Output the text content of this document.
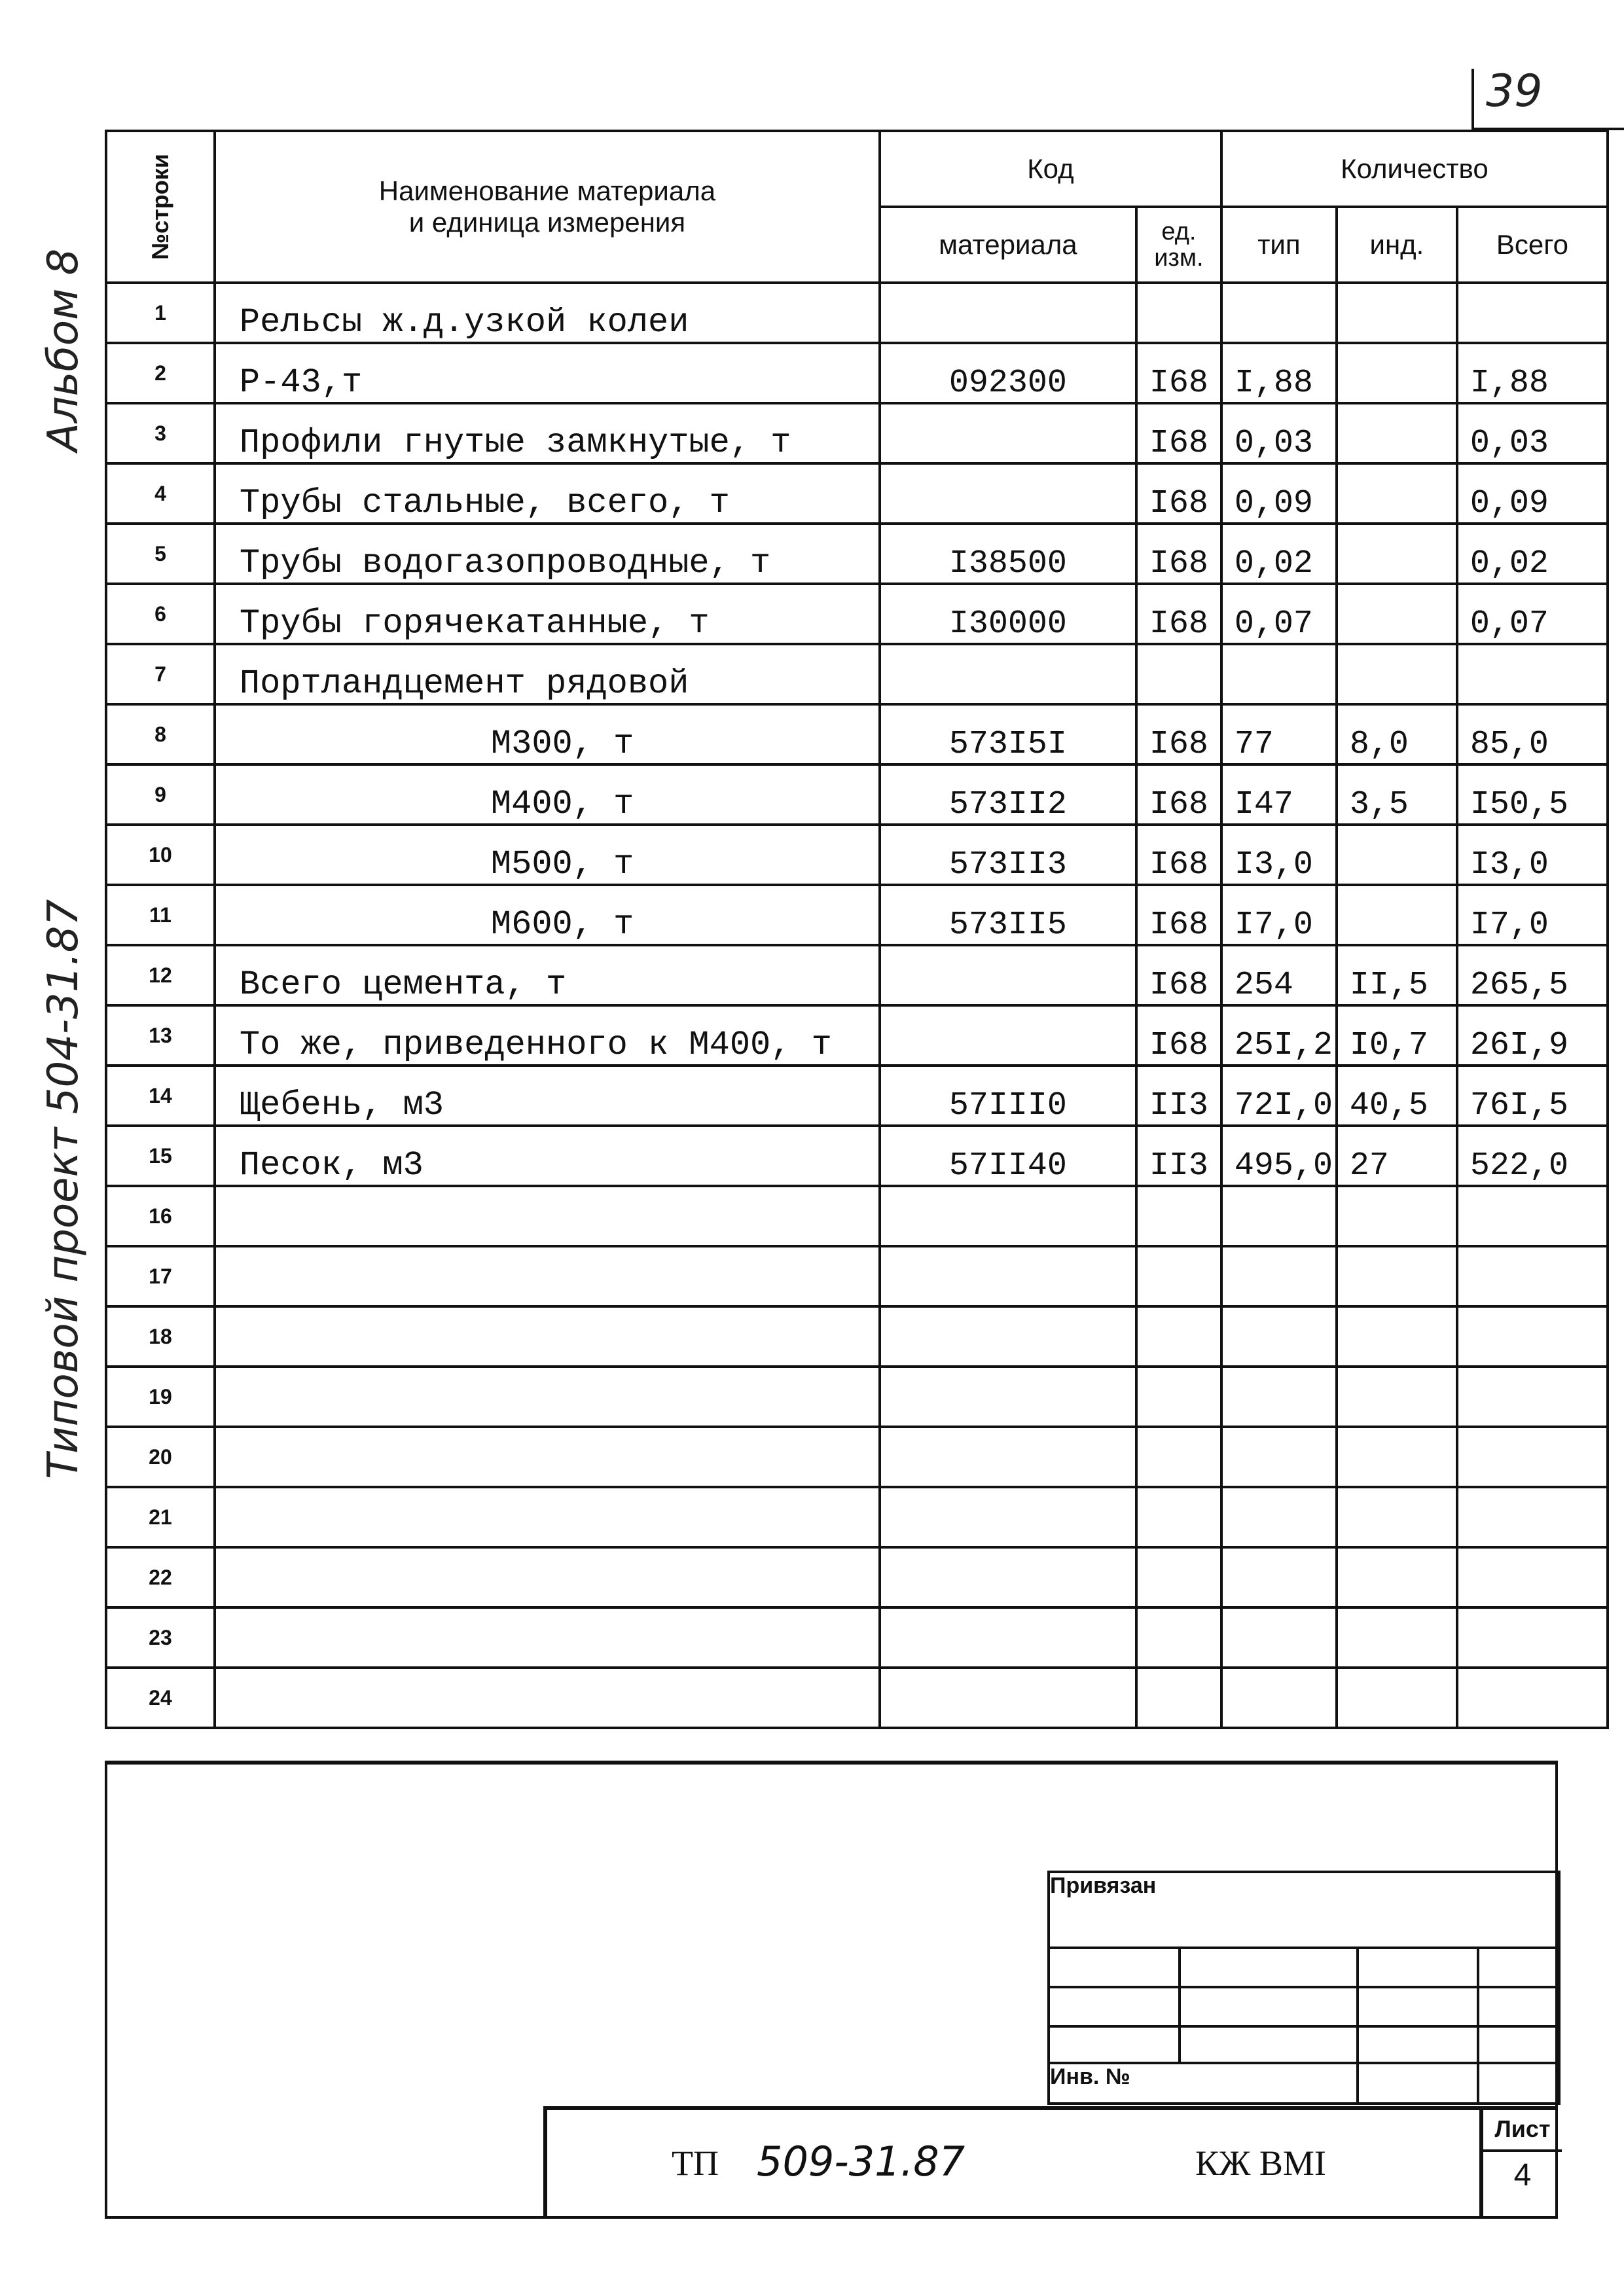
39
Альбом 8
Типовой проект 504-31.87
№строки	Наименование материала
и единица измерения	Код		Количество		
		материала	ед.
изм.	тип	инд.	Всего
1	Рельсы ж.д.узкой колеи					
2	Р-43,т	092300	I68	I,88		I,88
3	Профили гнутые замкнутые, т		I68	0,03		0,03
4	Трубы стальные, всего, т		I68	0,09		0,09
5	Трубы водогазопроводные, т	I38500	I68	0,02		0,02
6	Трубы горячекатанные, т	I30000	I68	0,07		0,07
7	Портландцемент рядовой					
8	М300, т	573I5I	I68	77	8,0	85,0
9	М400, т	573II2	I68	I47	3,5	I50,5
10	М500, т	573II3	I68	I3,0		I3,0
11	М600, т	573II5	I68	I7,0		I7,0
12	Всего цемента, т		I68	254	II,5	265,5
13	То же, приведенного к М400, т		I68	25I,2	I0,7	26I,9
14	Щебень, м3	57III0	II3	72I,0	40,5	76I,5
15	Песок, м3	57II40	II3	495,0	27	522,0
16						
17						
18						
19						
20						
21						
22						
23						
24						
Привязан			

Инв. №			
ТП 509-31.87	КЖ ВМI
Лист
4
